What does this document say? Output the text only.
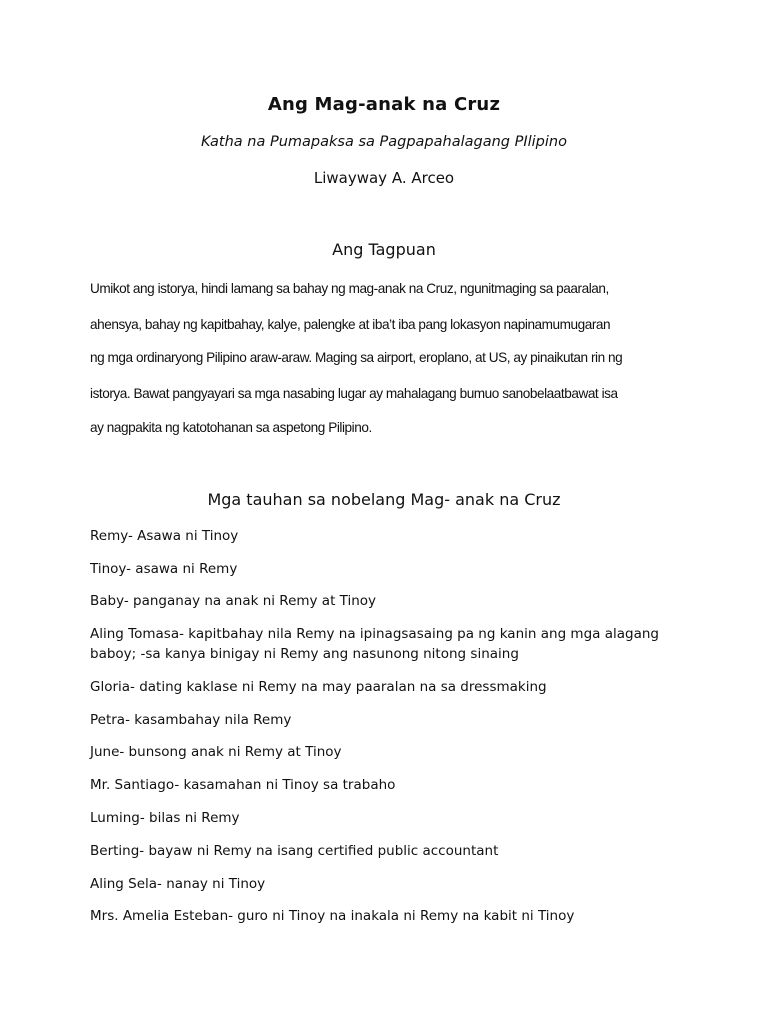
Ang Mag-anak na Cruz
Katha na Pumapaksa sa Pagpapahalagang PIlipino
Liwayway A. Arceo
Ang Tagpuan
Umikot ang istorya, hindi lamang sa bahay ng mag-anak na Cruz, ngunitmaging sa paaralan,
ahensya, bahay ng kapitbahay, kalye, palengke at iba’t iba pang lokasyon napinamumugaran
ng mga ordinaryong Pilipino araw-araw. Maging sa airport, eroplano, at US, ay pinaikutan rin ng
istorya. Bawat pangyayari sa mga nasabing lugar ay mahalagang bumuo sanobelaatbawat isa
ay nagpakita ng katotohanan sa aspetong Pilipino.
Mga tauhan sa nobelang Mag- anak na Cruz
Remy- Asawa ni Tinoy
Tinoy- asawa ni Remy
Baby- panganay na anak ni Remy at Tinoy
Aling Tomasa- kapitbahay nila Remy na ipinagsasaing pa ng kanin ang mga alagang
baboy; -sa kanya binigay ni Remy ang nasunong nitong sinaing
Gloria- dating kaklase ni Remy na may paaralan na sa dressmaking
Petra- kasambahay nila Remy
June- bunsong anak ni Remy at Tinoy
Mr. Santiago- kasamahan ni Tinoy sa trabaho
Luming- bilas ni Remy
Berting- bayaw ni Remy na isang certified public accountant
Aling Sela- nanay ni Tinoy
Mrs. Amelia Esteban- guro ni Tinoy na inakala ni Remy na kabit ni Tinoy
